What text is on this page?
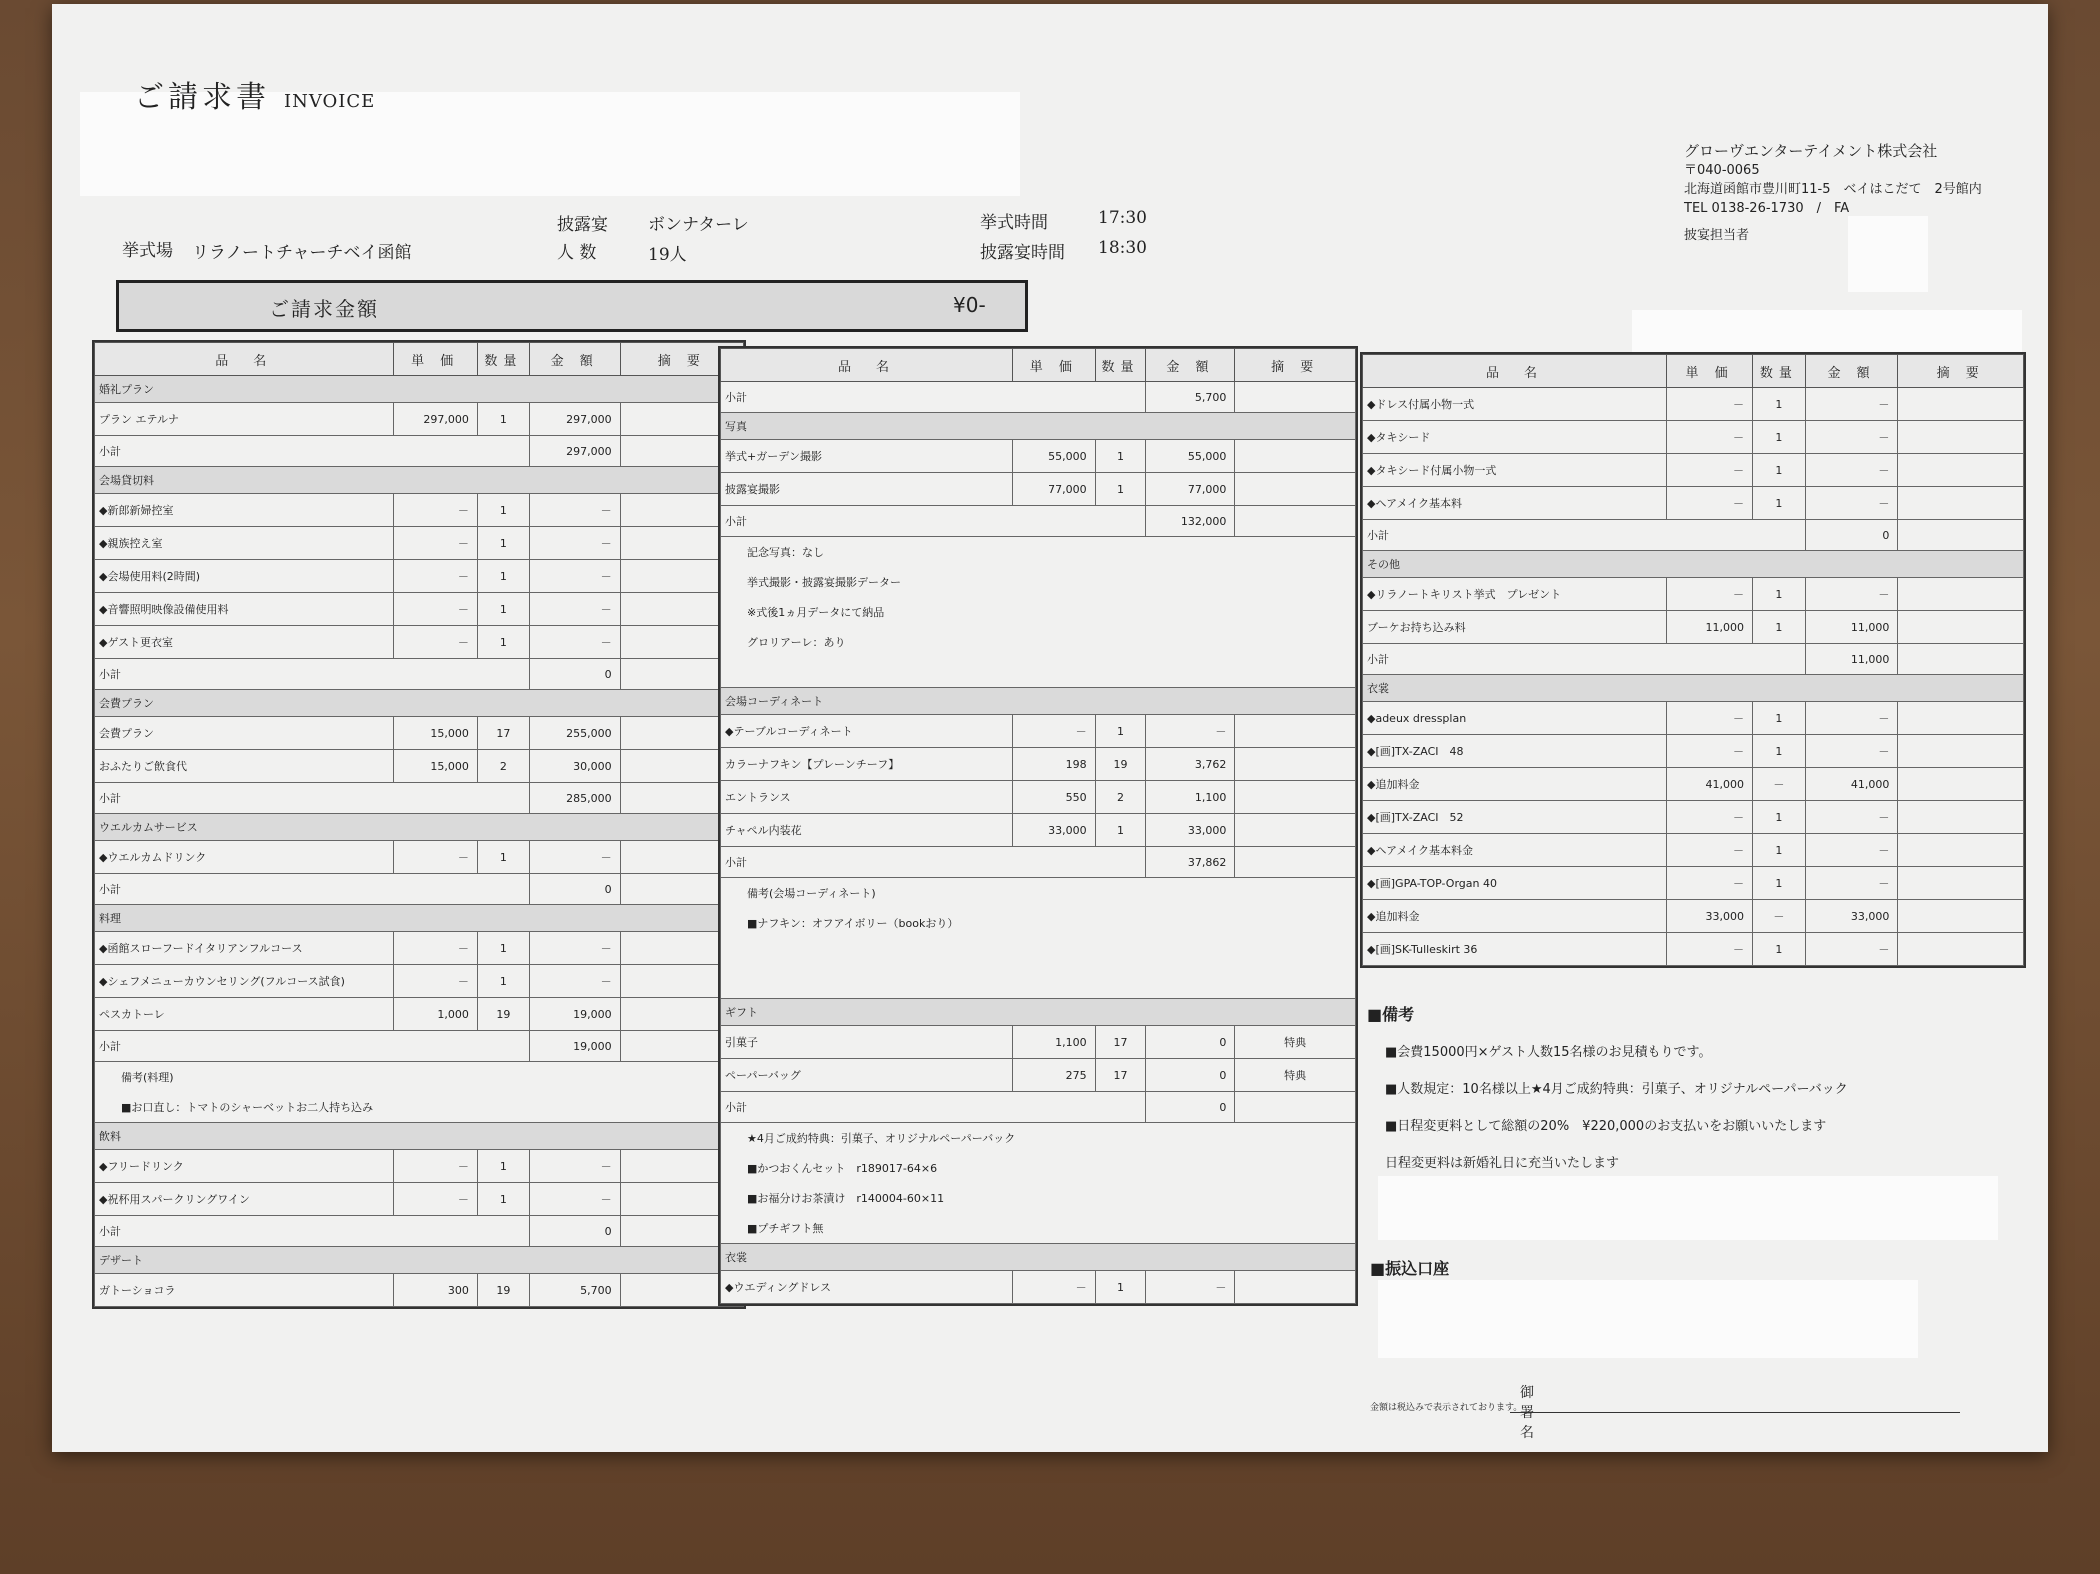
ご請求書 INVOICE
挙式場 リラノートチャーチベイ函館
披露宴 ボンナターレ
人 数	19人
挙式時間	17:30
披露宴時間 18:30
グローヴエンターテイメント株式会社
〒040-0065
北海道函館市豊川町11-5　ベイはこだて　2号館内
TEL 0138-26-1730　/　FA
披宴担当者
ご請求金額	¥0-
品　名	単 価	数量	金 額	摘 要
婚礼プラン				
プラン エテルナ	297,000	1	297,000	
小計			297,000	
会場貸切料				
◆新郎新婦控室	－	1	－	
◆親族控え室	－	1	－	
◆会場使用料(2時間)	－	1	－	
◆音響照明映像設備使用料	－	1	－	
◆ゲスト更衣室	－	1	－	
小計			0	
会費プラン				
会費プラン	15,000	17	255,000	
おふたりご飲食代	15,000	2	30,000	
小計			285,000	
ウエルカムサービス				
◆ウエルカムドリンク	－	1	－	
小計			0	
料理				
◆函館スローフードイタリアンフルコース	－	1	－	
◆シェフメニューカウンセリング(フルコース試食)	－	1	－	
ペスカトーレ	1,000	19	19,000	
小計			19,000	
備考(料理)				
■お口直し：トマトのシャーベットお二人持ち込み				
飲料				
◆フリードリンク	－	1	－	
◆祝杯用スパークリングワイン	－	1	－	
小計			0	
デザート				
ガトーショコラ	300	19	5,700	
品　名	単 価	数量	金 額	摘 要
小計			5,700	
写真				
挙式+ガーデン撮影	55,000	1	55,000	
披露宴撮影	77,000	1	77,000	
小計			132,000	
記念写真：なし				
挙式撮影・披露宴撮影データー				
※式後1ヵ月データにて納品				
グロリアーレ：あり				

会場コーディネート				
◆テーブルコーディネート	－	1	－	
カラーナフキン【プレーンチーフ】	198	19	3,762	
エントランス	550	2	1,100	
チャペル内装花	33,000	1	33,000	
小計			37,862	
備考(会場コーディネート)				
■ナフキン：オフアイボリー（bookおり）				

ギフト				
引菓子	1,100	17	0	特典
ペーパーバッグ	275	17	0	特典
小計			0	
★4月ご成約特典：引菓子、オリジナルペーパーバック				
■かつおくんセット　r189017-64×6				
■お福分けお茶漬け　r140004-60×11				
■プチギフト無				
衣裳				
◆ウエディングドレス	－	1	－	
品　名	単 価	数量	金 額	摘 要
◆ドレス付属小物一式	－	1	－	
◆タキシード	－	1	－	
◆タキシード付属小物一式	－	1	－	
◆ヘアメイク基本料	－	1	－	
小計			0	
その他				
◆リラノートキリスト挙式　プレゼント	－	1	－	
ブーケお持ち込み料	11,000	1	11,000	
小計			11,000	
衣裳				
◆adeux dressplan	－	1	－	
◆[画]TX-ZACI　48	－	1	－	
◆追加料金	41,000	－	41,000	
◆[画]TX-ZACI　52	－	1	－	
◆ヘアメイク基本料金	－	1	－	
◆[画]GPA-TOP-Organ 40	－	1	－	
◆追加料金	33,000	－	33,000	
◆[画]SK-Tulleskirt 36	－	1	－	
■備考
■会費15000円×ゲスト人数15名様のお見積もりです。
■人数規定：10名様以上★4月ご成約特典：引菓子、オリジナルペーパーバック
■日程変更料として総額の20%　¥220,000のお支払いをお願いいたします
日程変更料は新婚礼日に充当いたします
■振込口座
金額は税込みで表示されております。
御署名
